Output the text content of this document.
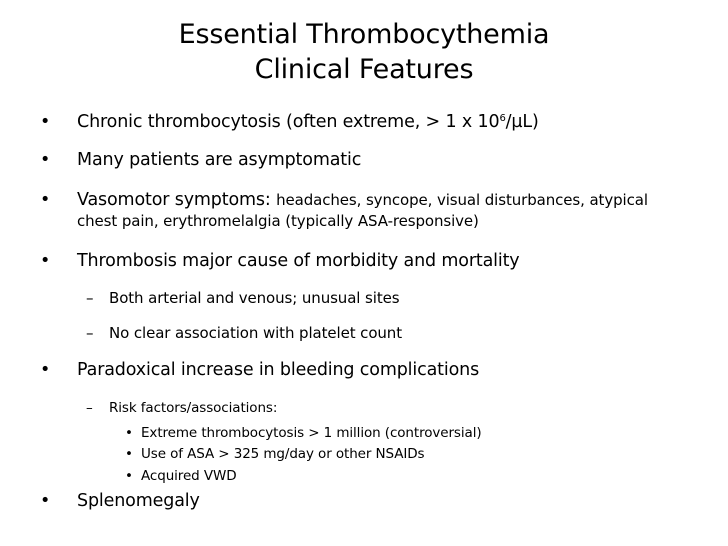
Essential Thrombocythemia
Clinical Features
• Chronic thrombocytosis (often extreme, > 1 x $10^6/\mu L$)
• Many patients are asymptomatic
• Vasomotor symptoms: headaches, syncope, visual disturbances, atypical
chest pain, erythromelalgia (typically ASA-responsive)
• Thrombosis major cause of morbidity and mortality
– Both arterial and venous; unusual sites
– No clear association with platelet count
• Paradoxical increase in bleeding complications
– Risk factors/associations:
• Extreme thrombocytosis > 1 million (controversial)
• Use of ASA > 325 mg/day or other NSAIDs
• Acquired VWD
• Splenomegaly
